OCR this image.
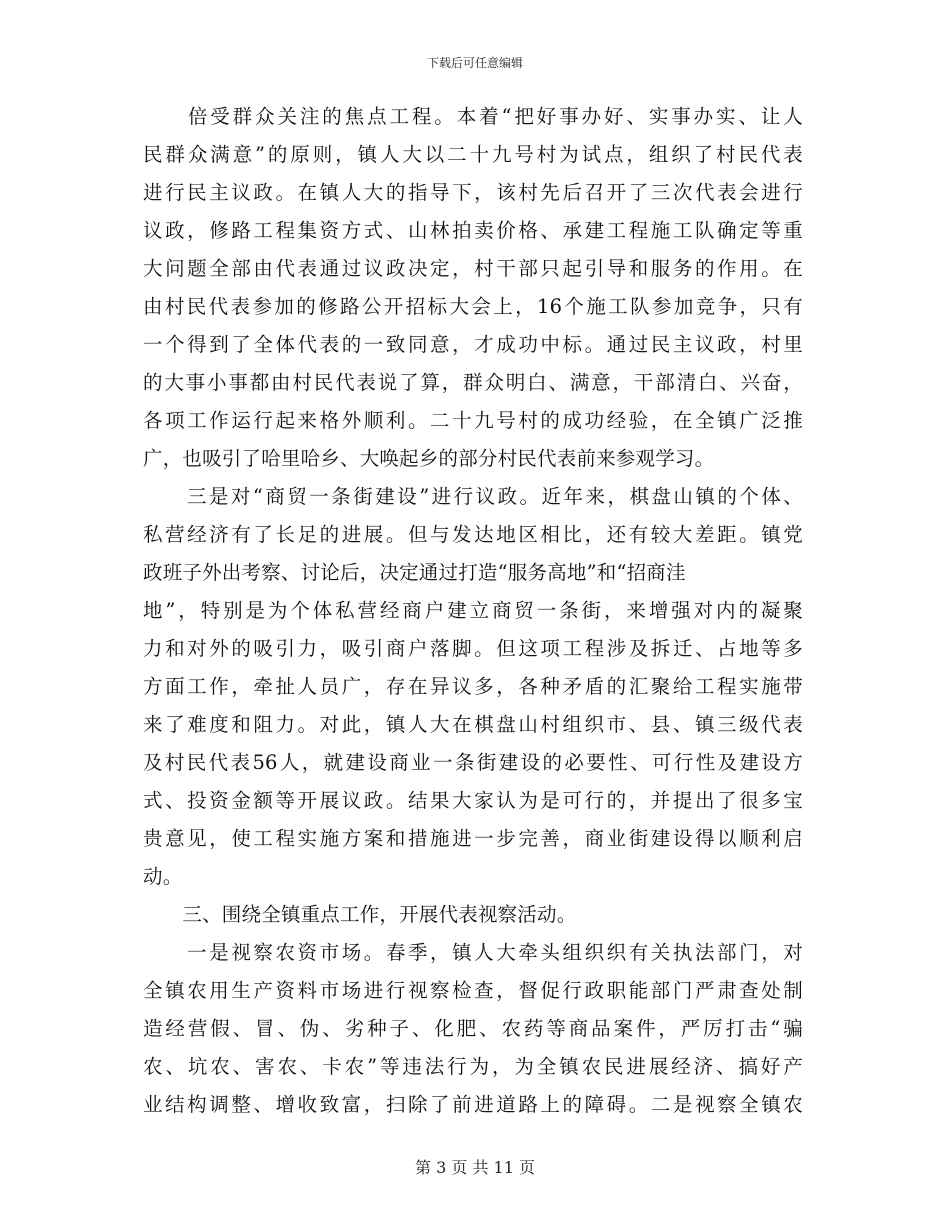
下载后可任意编辑
　　倍受群众关注的焦点工程。本着“把好事办好、实事办实、让人
民群众满意”的原则，镇人大以二十九号村为试点，组织了村民代表
进行民主议政。在镇人大的指导下，该村先后召开了三次代表会进行
议政，修路工程集资方式、山林拍卖价格、承建工程施工队确定等重
大问题全部由代表通过议政决定，村干部只起引导和服务的作用。在
由村民代表参加的修路公开招标大会上，16个施工队参加竞争，只有
一个得到了全体代表的一致同意，才成功中标。通过民主议政，村里
的大事小事都由村民代表说了算，群众明白、满意，干部清白、兴奋，
各项工作运行起来格外顺利。二十九号村的成功经验，在全镇广泛推
广，也吸引了哈里哈乡、大唤起乡的部分村民代表前来参观学习。
　　三是对“商贸一条街建设”进行议政。近年来，棋盘山镇的个体、
私营经济有了长足的进展。但与发达地区相比，还有较大差距。镇党
政班子外出考察、讨论后，决定通过打造“服务高地”和“招商洼
地”，特别是为个体私营经商户建立商贸一条街，来增强对内的凝聚
力和对外的吸引力，吸引商户落脚。但这项工程涉及拆迁、占地等多
方面工作，牵扯人员广，存在异议多，各种矛盾的汇聚给工程实施带
来了难度和阻力。对此，镇人大在棋盘山村组织市、县、镇三级代表
及村民代表56人，就建设商业一条街建设的必要性、可行性及建设方
式、投资金额等开展议政。结果大家认为是可行的，并提出了很多宝
贵意见，使工程实施方案和措施进一步完善，商业街建设得以顺利启
动。
　　三、围绕全镇重点工作，开展代表视察活动。
　　一是视察农资市场。春季，镇人大牵头组织织有关执法部门，对
全镇农用生产资料市场进行视察检查，督促行政职能部门严肃查处制
造经营假、冒、伪、劣种子、化肥、农药等商品案件，严厉打击“骗
农、坑农、害农、卡农”等违法行为，为全镇农民进展经济、搞好产
业结构调整、增收致富，扫除了前进道路上的障碍。二是视察全镇农
第 3 页 共 11 页
